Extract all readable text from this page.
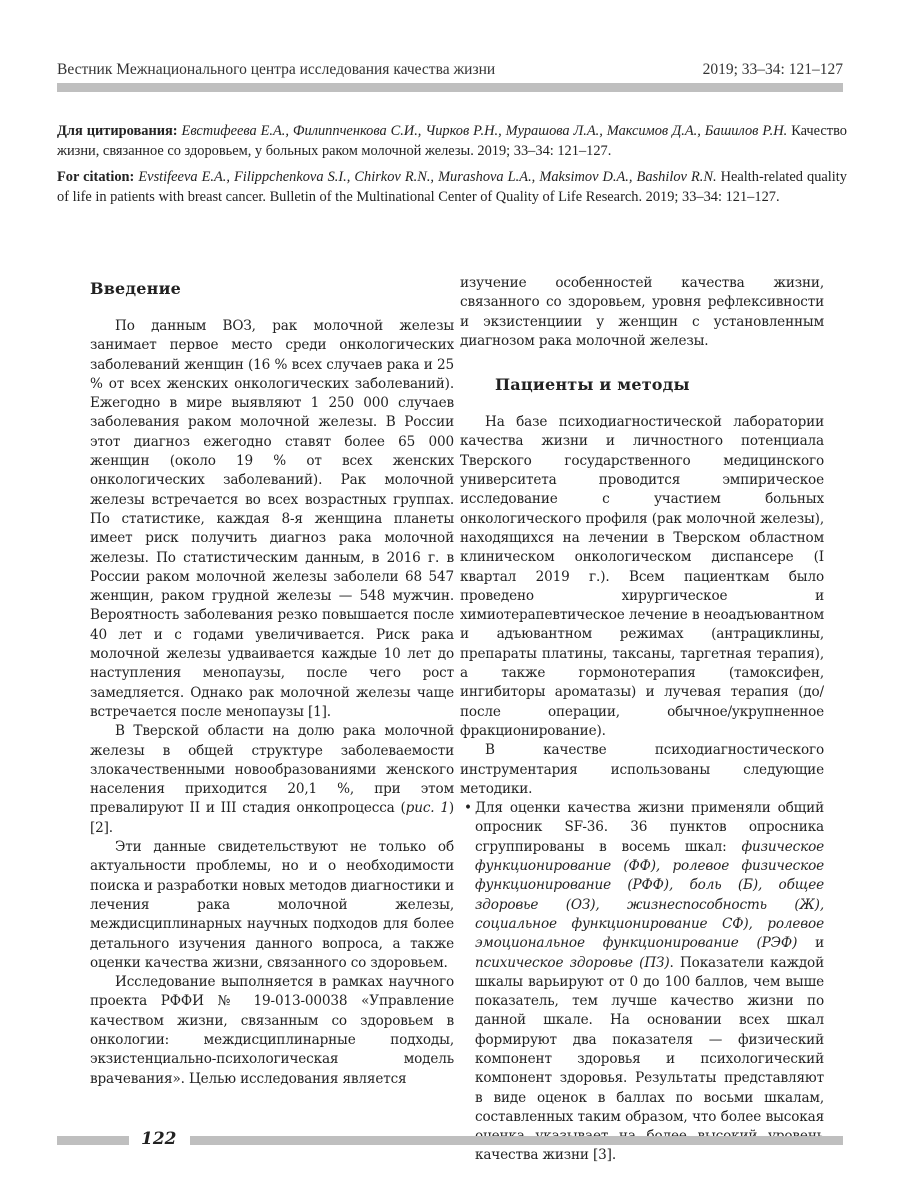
Вестник Межнационального центра исследования качества жизни	2019; 33–34: 121–127
Для цитирования: Евстифеева Е.А., Филиппченкова С.И., Чирков Р.Н., Мурашова Л.А., Максимов Д.А., Башилов Р.Н. Качество жизни, связанное со здоровьем, у больных раком молочной железы. 2019; 33–34: 121–127.
For citation: Evstifeeva E.A., Filippchenkova S.I., Chirkov R.N., Murashova L.A., Maksimov D.A., Bashilov R.N. Health-related quality of life in patients with breast cancer. Bulletin of the Multinational Center of Quality of Life Research. 2019; 33–34: 121–127.
Введение

По данным ВОЗ, рак молочной железы занимает первое место среди онкологических заболеваний женщин (16 % всех случаев рака и 25 % от всех женских онкологических заболеваний). Ежегодно в мире выявляют 1 250 000 случаев заболевания раком молочной железы. В России этот диагноз ежегодно ставят более 65 000 женщин (около 19 % от всех женских онкологических заболеваний). Рак молочной железы встречается во всех возрастных группах. По статистике, каждая 8-я женщина планеты имеет риск получить диагноз рака молочной железы. По статистическим данным, в 2016 г. в России раком молочной железы заболели 68 547 женщин, раком грудной железы — 548 мужчин. Вероятность заболевания резко повышается после 40 лет и с годами увеличивается. Риск рака молочной железы удваивается каждые 10 лет до наступления менопаузы, после чего рост замедляется. Однако рак молочной железы чаще встречается после менопаузы [1].

В Тверской области на долю рака молочной железы в общей структуре заболеваемости злокачественными новообразованиями женского населения приходится 20,1 %, при этом превалируют II и III стадия онкопроцесса (рис. 1) [2].

Эти данные свидетельствуют не только об актуальности проблемы, но и о необходимости поиска и разработки новых методов диагностики и лечения рака молочной железы, междисциплинарных научных подходов для более детального изучения данного вопроса, а также оценки качества жизни, связанного со здоровьем.

Исследование выполняется в рамках научного проекта РФФИ № 19-013-00038 «Управление качеством жизни, связанным со здоровьем в онкологии: междисциплинарные подходы, экзистенциально-психологическая модель врачевания». Целью исследования является

изучение особенностей качества жизни, связанного со здоровьем, уровня рефлексивности и экзистенциии у женщин с установленным диагнозом рака молочной железы.

Пациенты и методы

На базе психодиагностической лаборатории качества жизни и личностного потенциала Тверского государственного медицинского университета проводится эмпирическое исследование с участием больных онкологического профиля (рак молочной железы), находящихся на лечении в Тверском областном клиническом онкологическом диспансере (I квартал 2019 г.). Всем пациенткам было проведено хирургическое и химиотерапевтическое лечение в неоадъювантном и адъювантном режимах (антрациклины, препараты платины, таксаны, таргетная терапия), а также гормонотерапия (тамоксифен, ингибиторы ароматазы) и лучевая терапия (до/после операции, обычное/укрупненное фракционирование).

В качестве психодиагностического инструментария использованы следующие методики.

• Для оценки качества жизни применяли общий опросник SF-36. 36 пунктов опросника сгруппированы в восемь шкал: физическое функционирование (ФФ), ролевое физическое функционирование (РФФ), боль (Б), общее здоровье (ОЗ), жизнеспособность (Ж), социальное функционирование СФ), ролевое эмоциональное функционирование (РЭФ) и психическое здоровье (ПЗ). Показатели каждой шкалы варьируют от 0 до 100 баллов, чем выше показатель, тем лучше качество жизни по данной шкале. На основании всех шкал формируют два показателя — физический компонент здоровья и психологический компонент здоровья. Результаты представляют в виде оценок в баллах по восьми шкалам, составленных таким образом, что более высокая качества жизни [3].
122
